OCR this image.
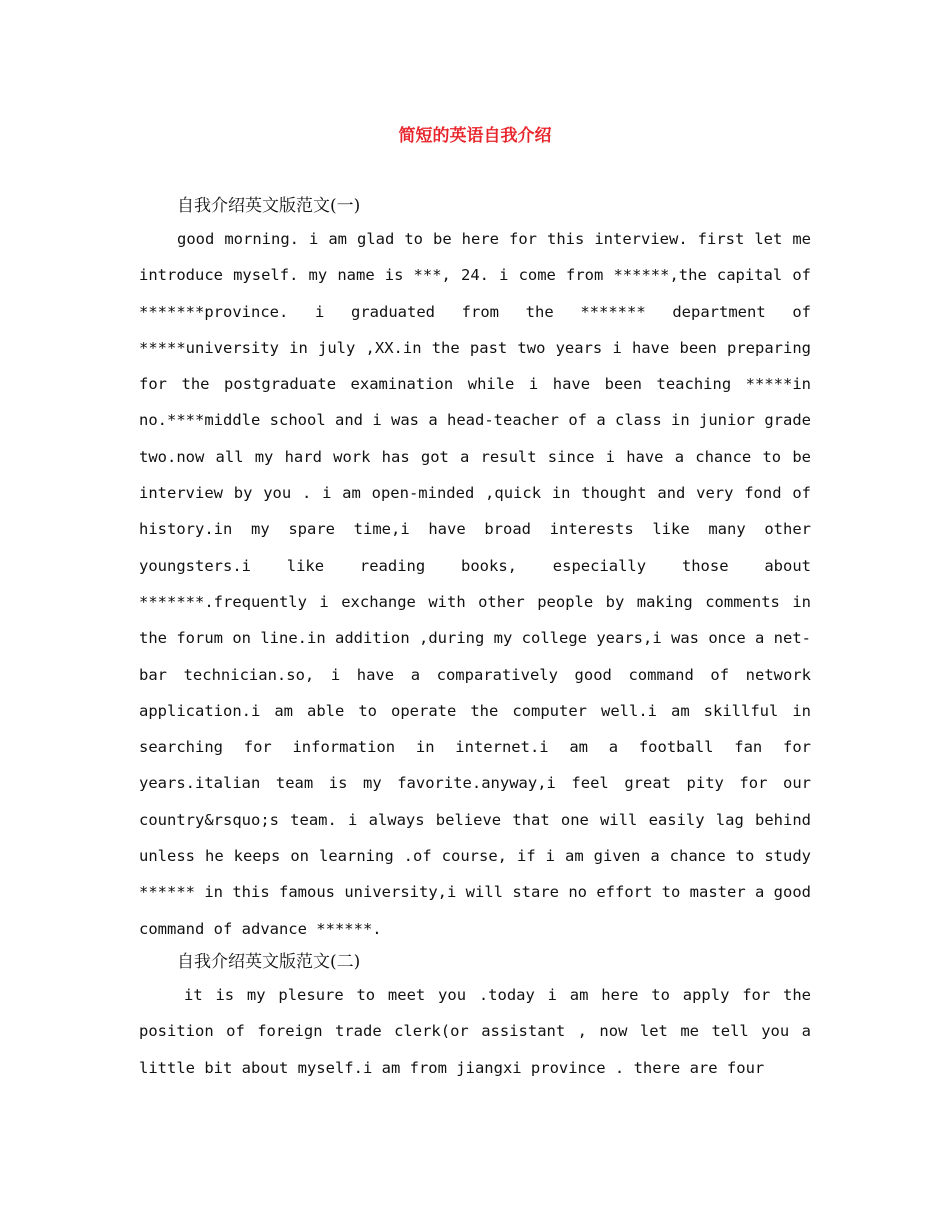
简短的英语自我介绍

自我介绍英文版范文(一)

good morning. i am glad to be here for this interview. first let me introduce myself. my name is ***, 24. i come from ******,the capital of *******province. i graduated from the ******* department of *****university in july ,XX.in the past two years i have been preparing for the postgraduate examination while i have been teaching *****in no.****middle school and i was a head-teacher of a class in junior grade two.now all my hard work has got a result since i have a chance to be interview by you . i am open-minded ,quick in thought and very fond of history.in my spare time,i have broad interests like many other youngsters.i like reading books, especially those about *******.frequently i exchange with other people by making comments in the forum on line.in addition ,during my college years,i was once a net-bar technician.so, i have a comparatively good command of network application.i am able to operate the computer well.i am skillful in searching for information in internet.i am a football fan for years.italian team is my favorite.anyway,i feel great pity for our country&rsquo;s team. i always believe that one will easily lag behind unless he keeps on learning .of course, if i am given a chance to study ****** in this famous university,i will stare no effort to master a good command of advance ******.

自我介绍英文版范文(二)

it is my plesure to meet you .today i am here to apply for the position of foreign trade clerk(or assistant , now let me tell you a little bit about myself.i am from jiangxi province . there are four
